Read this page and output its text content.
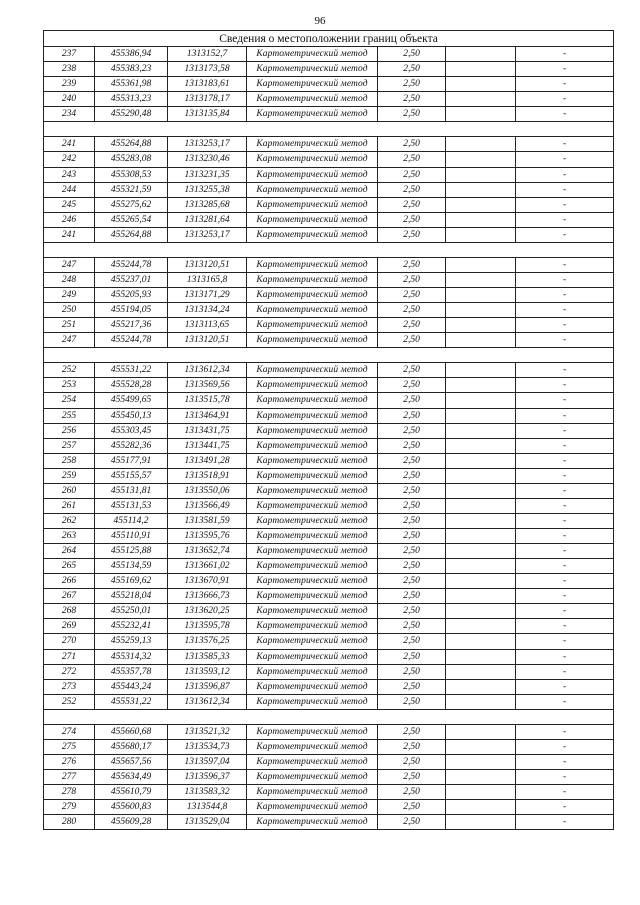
96
Сведения о местоположении границ объекта						
237	455386,94	1313152,7	Картометрический метод	2,50		-
238	455383,23	1313173,58	Картометрический метод	2,50		-
239	455361,98	1313183,61	Картометрический метод	2,50		-
240	455313,23	1313178,17	Картометрический метод	2,50		-
234	455290,48	1313135,84	Картометрический метод	2,50		-

241	455264,88	1313253,17	Картометрический метод	2,50		-
242	455283,08	1313230,46	Картометрический метод	2,50		-
243	455308,53	1313231,35	Картометрический метод	2,50		-
244	455321,59	1313255,38	Картометрический метод	2,50		-
245	455275,62	1313285,68	Картометрический метод	2,50		-
246	455265,54	1313281,64	Картометрический метод	2,50		-
241	455264,88	1313253,17	Картометрический метод	2,50		-

247	455244,78	1313120,51	Картометрический метод	2,50		-
248	455237,01	1313165,8	Картометрический метод	2,50		-
249	455205,93	1313171,29	Картометрический метод	2,50		-
250	455194,05	1313134,24	Картометрический метод	2,50		-
251	455217,36	1313113,65	Картометрический метод	2,50		-
247	455244,78	1313120,51	Картометрический метод	2,50		-

252	455531,22	1313612,34	Картометрический метод	2,50		-
253	455528,28	1313569,56	Картометрический метод	2,50		-
254	455499,65	1313515,78	Картометрический метод	2,50		-
255	455450,13	1313464,91	Картометрический метод	2,50		-
256	455303,45	1313431,75	Картометрический метод	2,50		-
257	455282,36	1313441,75	Картометрический метод	2,50		-
258	455177,91	1313491,28	Картометрический метод	2,50		-
259	455155,57	1313518,91	Картометрический метод	2,50		-
260	455131,81	1313550,06	Картометрический метод	2,50		-
261	455131,53	1313566,49	Картометрический метод	2,50		-
262	455114,2	1313581,59	Картометрический метод	2,50		-
263	455110,91	1313595,76	Картометрический метод	2,50		-
264	455125,88	1313652,74	Картометрический метод	2,50		-
265	455134,59	1313661,02	Картометрический метод	2,50		-
266	455169,62	1313670,91	Картометрический метод	2,50		-
267	455218,04	1313666,73	Картометрический метод	2,50		-
268	455250,01	1313620,25	Картометрический метод	2,50		-
269	455232,41	1313595,78	Картометрический метод	2,50		-
270	455259,13	1313576,25	Картометрический метод	2,50		-
271	455314,32	1313585,33	Картометрический метод	2,50		-
272	455357,78	1313593,12	Картометрический метод	2,50		-
273	455443,24	1313596,87	Картометрический метод	2,50		-
252	455531,22	1313612,34	Картометрический метод	2,50		-

274	455660,68	1313521,32	Картометрический метод	2,50		-
275	455680,17	1313534,73	Картометрический метод	2,50		-
276	455657,56	1313597,04	Картометрический метод	2,50		-
277	455634,49	1313596,37	Картометрический метод	2,50		-
278	455610,79	1313583,32	Картометрический метод	2,50		-
279	455600,83	1313544,8	Картометрический метод	2,50		-
280	455609,28	1313529,04	Картометрический метод	2,50		-
